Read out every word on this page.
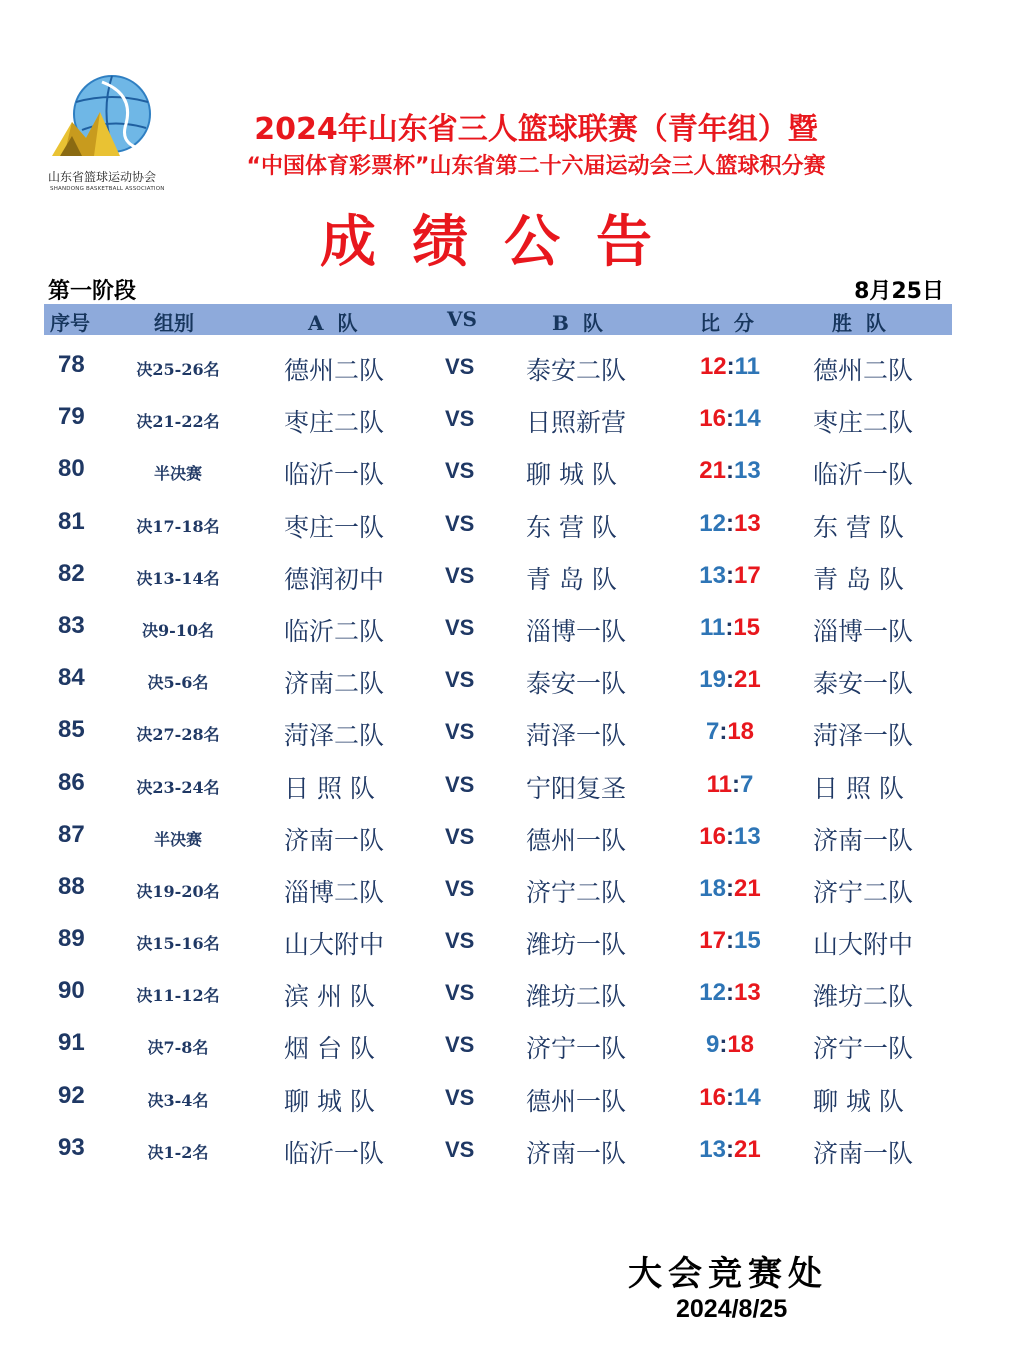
山东省篮球运动协会
SHANDONG BASKETBALL ASSOCIATION
2024年山东省三人篮球联赛（青年组）暨
“中国体育彩票杯”山东省第二十六届运动会三人篮球积分赛
成绩公告
第一阶段	8月25日
序号	组别	A  队	VS	B  队	比  分	胜  队
78	决25-26名	德州二队	VS 泰安二队	12:11	德州二队
79	决21-22名	枣庄二队	VS 日照新营	16:14	枣庄二队
80	半决赛	临沂一队	VS 聊 城 队	21:13	临沂一队
81	决17-18名	枣庄一队	VS 东 营 队	12:13	东 营 队
82	决13-14名	德润初中	VS 青 岛 队	13:17	青 岛 队
83	决9-10名	临沂二队	VS 淄博一队	11:15	淄博一队
84	决5-6名	济南二队	VS 泰安一队	19:21	泰安一队
85	决27-28名	菏泽二队	VS 菏泽一队	7:18	菏泽一队
86	决23-24名	日 照 队	VS 宁阳复圣	11:7	日 照 队
87	半决赛	济南一队	VS 德州一队	16:13	济南一队
88	决19-20名	淄博二队	VS 济宁二队	18:21	济宁二队
89	决15-16名	山大附中	VS 潍坊一队	17:15	山大附中
90	决11-12名	滨 州 队	VS 潍坊二队	12:13	潍坊二队
91	决7-8名	烟 台 队	VS 济宁一队	9:18	济宁一队
92	决3-4名	聊 城 队	VS 德州一队	16:14	聊 城 队
93	决1-2名	临沂一队	VS 济南一队	13:21	济南一队
大会竞赛处
2024/8/25
